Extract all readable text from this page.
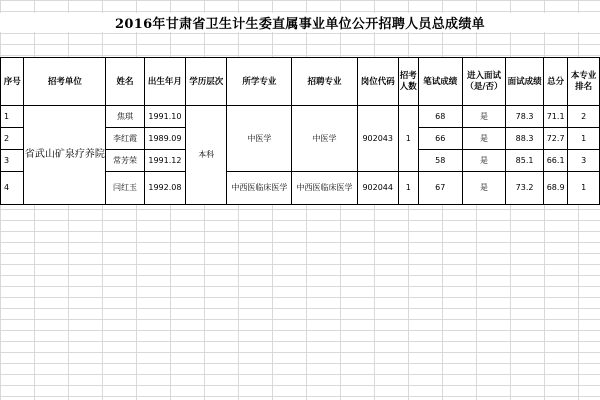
2016年甘肃省卫生计生委直属事业单位公开招聘人员总成绩单
序号	招考单位	姓名	出生年月	学历层次	所学专业	招聘专业	岗位代码	招考人数	笔试成绩	进入面试（是/否）	面试成绩	总分	本专业排名
1	省武山矿泉疗养院	焦琪	1991.10	本科	中医学	中医学	902043	1	68	是	78.3	71.1	2
2		李红霞	1989.09						66	是	88.3	72.7	1
3		常芳荣	1991.12						58	是	85.1	66.1	3
4		闫红玉	1992.08		中西医临床医学	中西医临床医学	902044	1	67	是	73.2	68.9	1
